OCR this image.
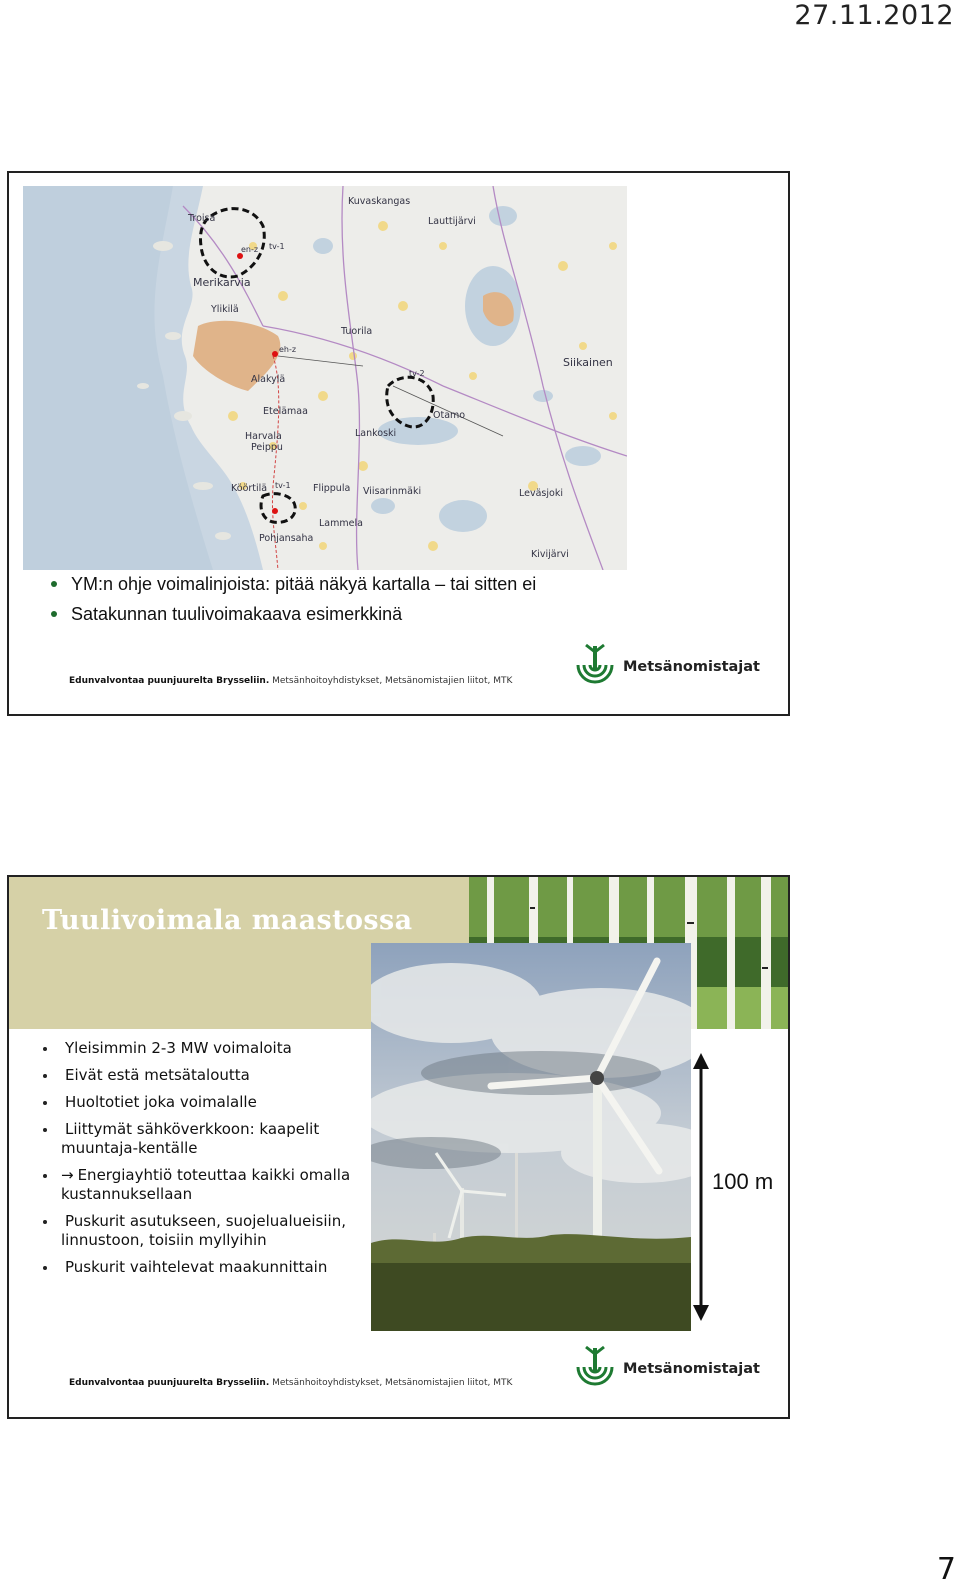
27.11.2012
Troisa
Kuvaskangas
Lauttijärvi
tv-1
en-z
Merikarvia
Ylikilä
Tuorila
eh-z
Siikainen
Alakylä
tv-2
Etelämaa	Otamo
Harvala
Peippu
Lankoski
Köörtilä	Flippula Viisarinmäki	Leväsjoki
tv-1
Lammela
Pohjansaha
Kivijärvi
YM:n ohje voimalinjoista: pitää näkyä kartalla – tai sitten ei
Satakunnan tuulivoimakaava esimerkkinä
Edunvalvontaa puunjuurelta Brysseliin. Metsänhoitoyhdistykset, Metsänomistajien liitot, MTK
Metsänomistajat
Tuulivoimala maastossa
Yleisimmin 2-3 MW voimaloita
Eivät estä metsätaloutta
Huoltotiet joka voimalalle
Liittymät sähköverkkoon: kaapelit muuntaja-kentälle
→ Energiayhtiö toteuttaa kaikki omalla kustannuksellaan
Puskurit asutukseen, suojelualueisiin, linnustoon, toisiin myllyihin
Puskurit vaihtelevat maakunnittain
100 m
Edunvalvontaa puunjuurelta Brysseliin. Metsänhoitoyhdistykset, Metsänomistajien liitot, MTK
Metsänomistajat
7
